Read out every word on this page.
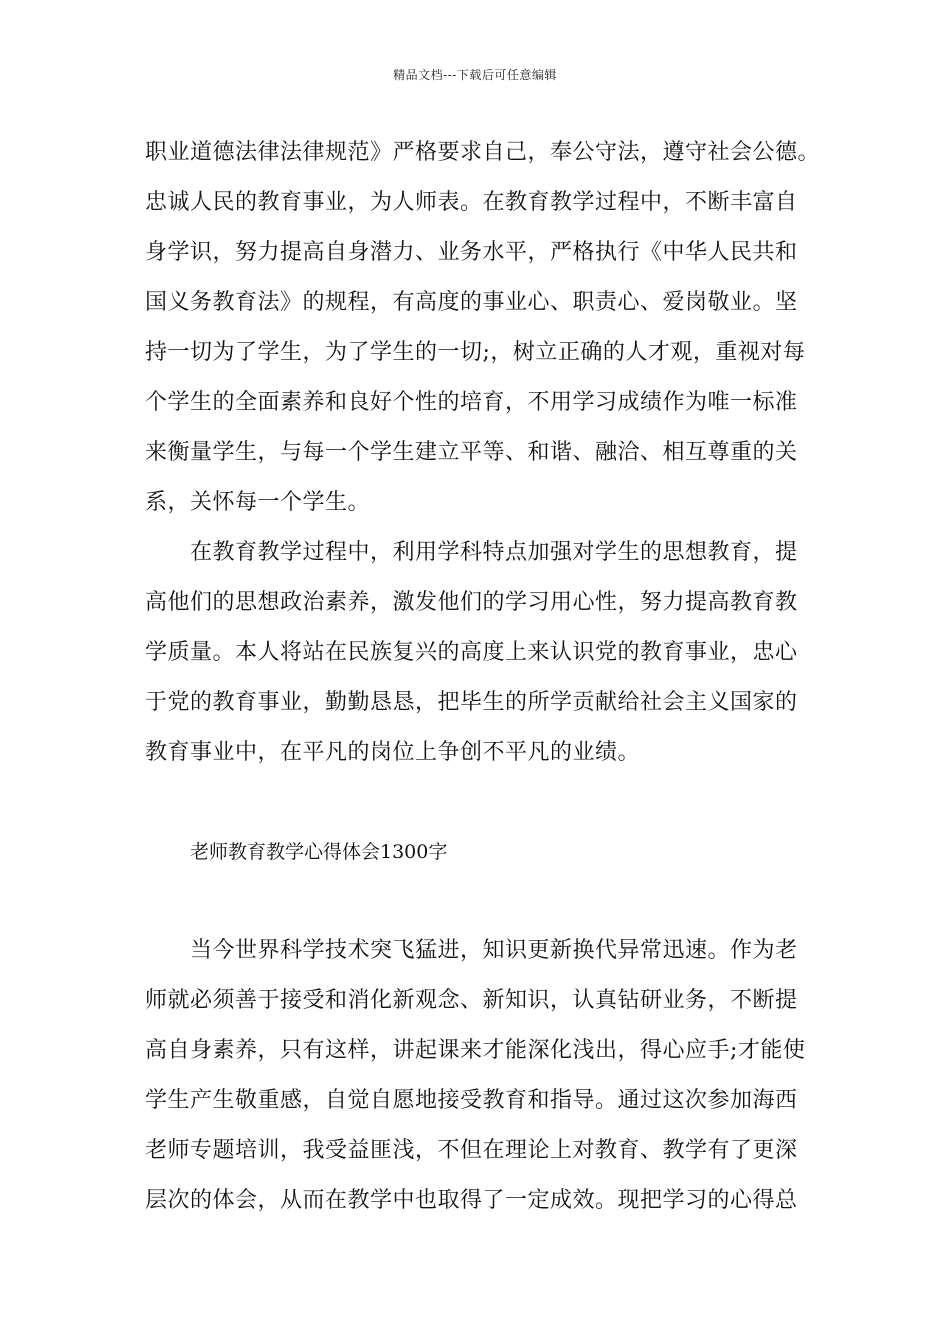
精品文档---下载后可任意编辑
职业道德法律法律规范》严格要求自己，奉公守法，遵守社会公德。
忠诚人民的教育事业，为人师表。在教育教学过程中，不断丰富自
身学识，努力提高自身潜力、业务水平，严格执行《中华人民共和
国义务教育法》的规程，有高度的事业心、职责心、爱岗敬业。坚
持一切为了学生，为了学生的一切;，树立正确的人才观，重视对每
个学生的全面素养和良好个性的培育，不用学习成绩作为唯一标准
来衡量学生，与每一个学生建立平等、和谐、融洽、相互尊重的关
系，关怀每一个学生。
在教育教学过程中，利用学科特点加强对学生的思想教育，提
高他们的思想政治素养，激发他们的学习用心性，努力提高教育教
学质量。本人将站在民族复兴的高度上来认识党的教育事业，忠心
于党的教育事业，勤勤恳恳，把毕生的所学贡献给社会主义国家的
教育事业中，在平凡的岗位上争创不平凡的业绩。
老师教育教学心得体会1300字
当今世界科学技术突飞猛进，知识更新换代异常迅速。作为老
师就必须善于接受和消化新观念、新知识，认真钻研业务，不断提
高自身素养，只有这样，讲起课来才能深化浅出，得心应手;才能使
学生产生敬重感，自觉自愿地接受教育和指导。通过这次参加海西
老师专题培训，我受益匪浅，不但在理论上对教育、教学有了更深
层次的体会，从而在教学中也取得了一定成效。现把学习的心得总
